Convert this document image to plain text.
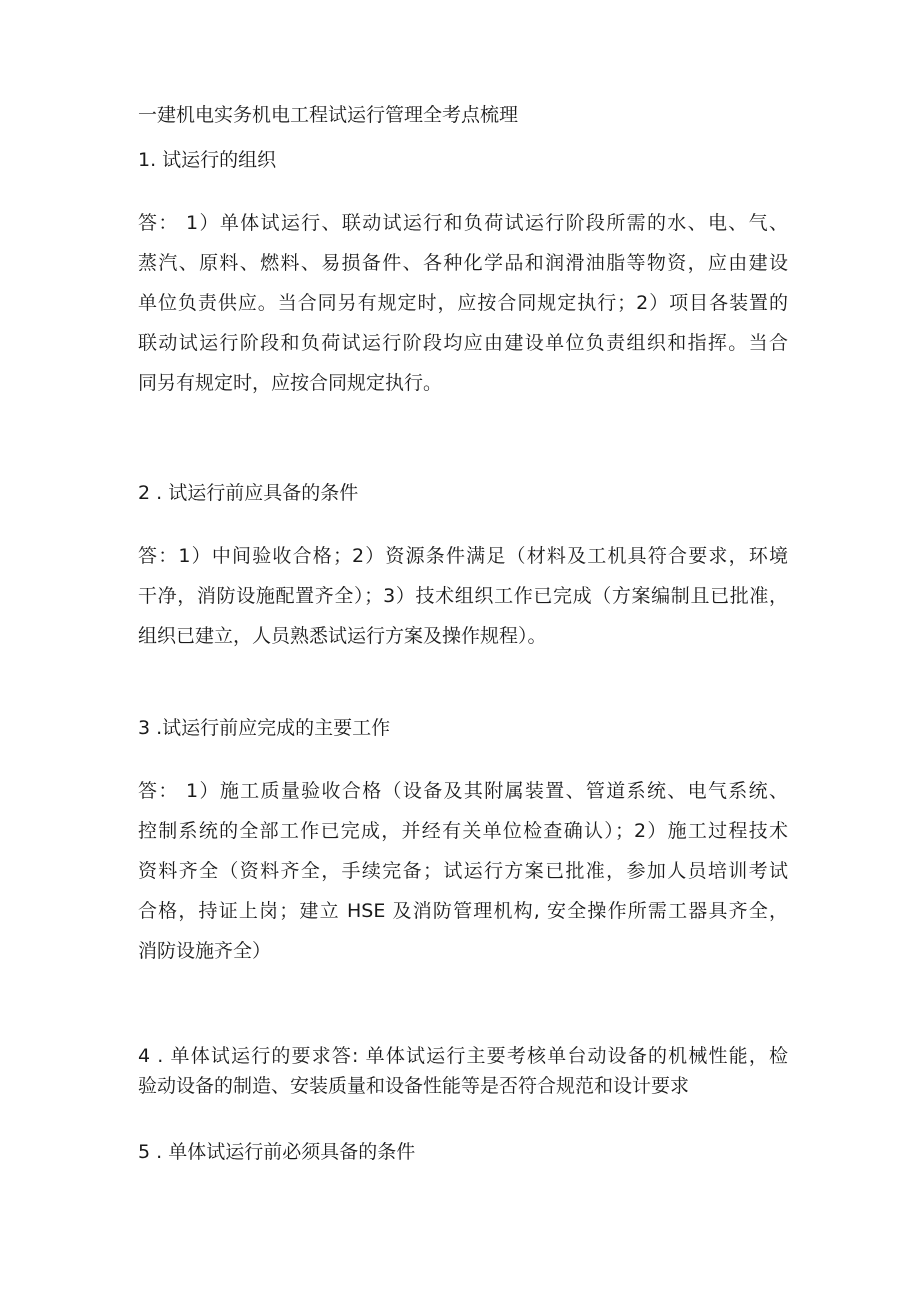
一建机电实务机电工程试运行管理全考点梳理
1. 试运行的组织
答： 1）单体试运行、联动试运行和负荷试运行阶段所需的水、电、气、
蒸汽、原料、燃料、易损备件、各种化学品和润滑油脂等物资，应由建设
单位负责供应。当合同另有规定时，应按合同规定执行；2）项目各装置的
联动试运行阶段和负荷试运行阶段均应由建设单位负责组织和指挥。当合
同另有规定时，应按合同规定执行。
2 . 试运行前应具备的条件
答：1）中间验收合格；2）资源条件满足（材料及工机具符合要求，环境
干净，消防设施配置齐全）；3）技术组织工作已完成（方案编制且已批准，
组织已建立，人员熟悉试运行方案及操作规程）。
3 .试运行前应完成的主要工作
答： 1）施工质量验收合格（设备及其附属装置、管道系统、电气系统、
控制系统的全部工作已完成，并经有关单位检查确认）；2）施工过程技术
资料齐全（资料齐全，手续完备；试运行方案已批准，参加人员培训考试
合格，持证上岗；建立 HSE 及消防管理机构, 安全操作所需工器具齐全，
消防设施齐全）
4 . 单体试运行的要求答: 单体试运行主要考核单台动设备的机械性能，检
验动设备的制造、安装质量和设备性能等是否符合规范和设计要求
5 . 单体试运行前必须具备的条件
